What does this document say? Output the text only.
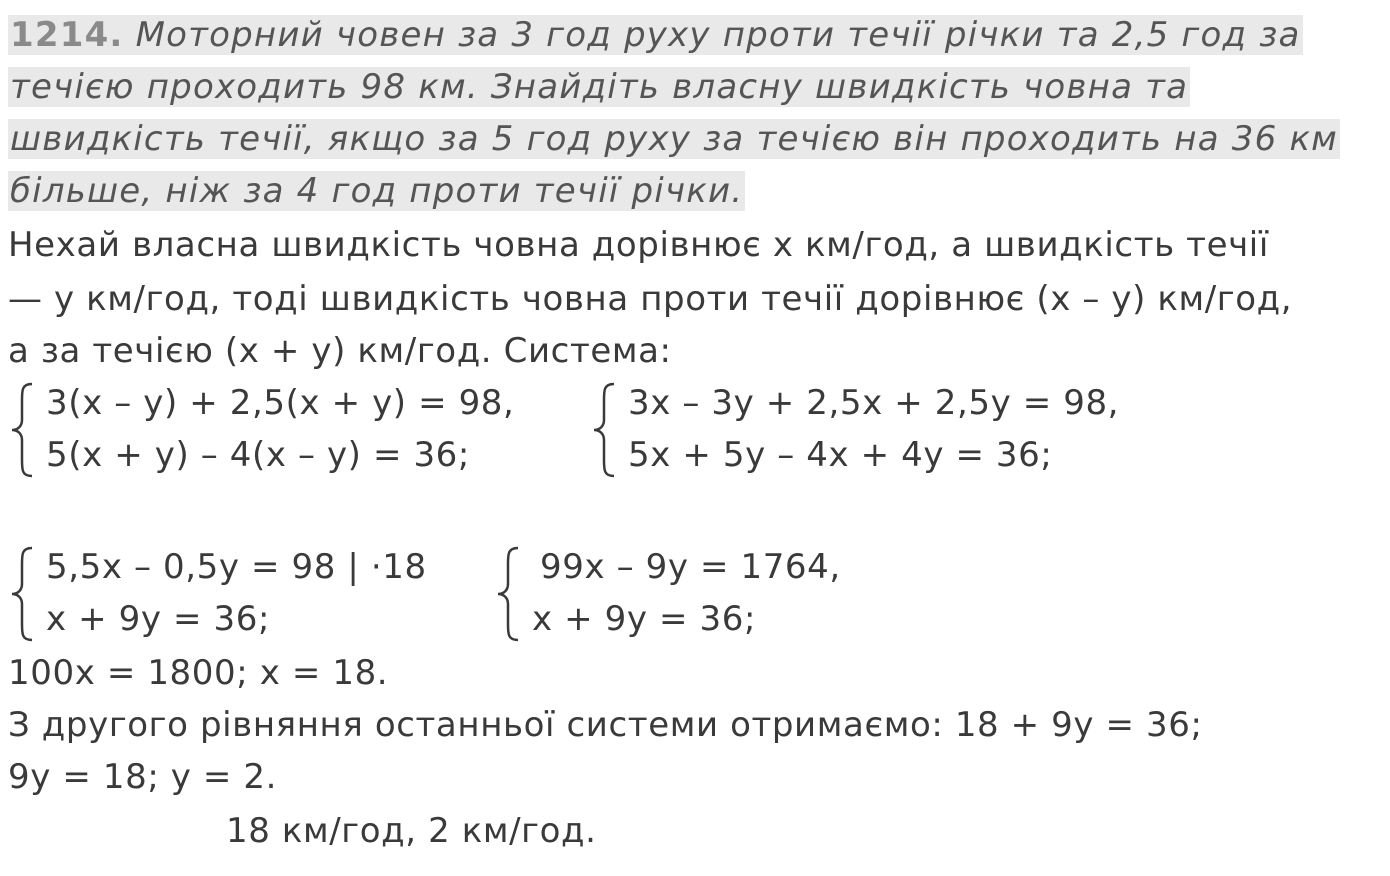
1214. Моторний човен за 3 год руху проти течії річки та 2,5 год за
течією проходить 98 км. Знайдіть власну швидкість човна та
швидкість течії, якщо за 5 год руху за течією він проходить на 36 км
більше, ніж за 4 год проти течії річки.
Нехай власна швидкість човна дорівнює x км/год, а швидкість течії
— y км/год, тоді швидкість човна проти течії дорівнює (x – y) км/год,
а за течією (x + y) км/год. Система:
3(x – y) + 2,5(x + y) = 98,
5(x + y) – 4(x – y) = 36;
3x – 3y + 2,5x + 2,5y = 98,
5x + 5y – 4x + 4y = 36;
5,5x – 0,5y = 98 | ·18
x + 9y = 36;
99x – 9y = 1764,
x + 9y = 36;
100x = 1800; x = 18.
З другого рівняння останньої системи отримаємо: 18 + 9y = 36;
9y = 18; y = 2.
18 км/год, 2 км/год.
